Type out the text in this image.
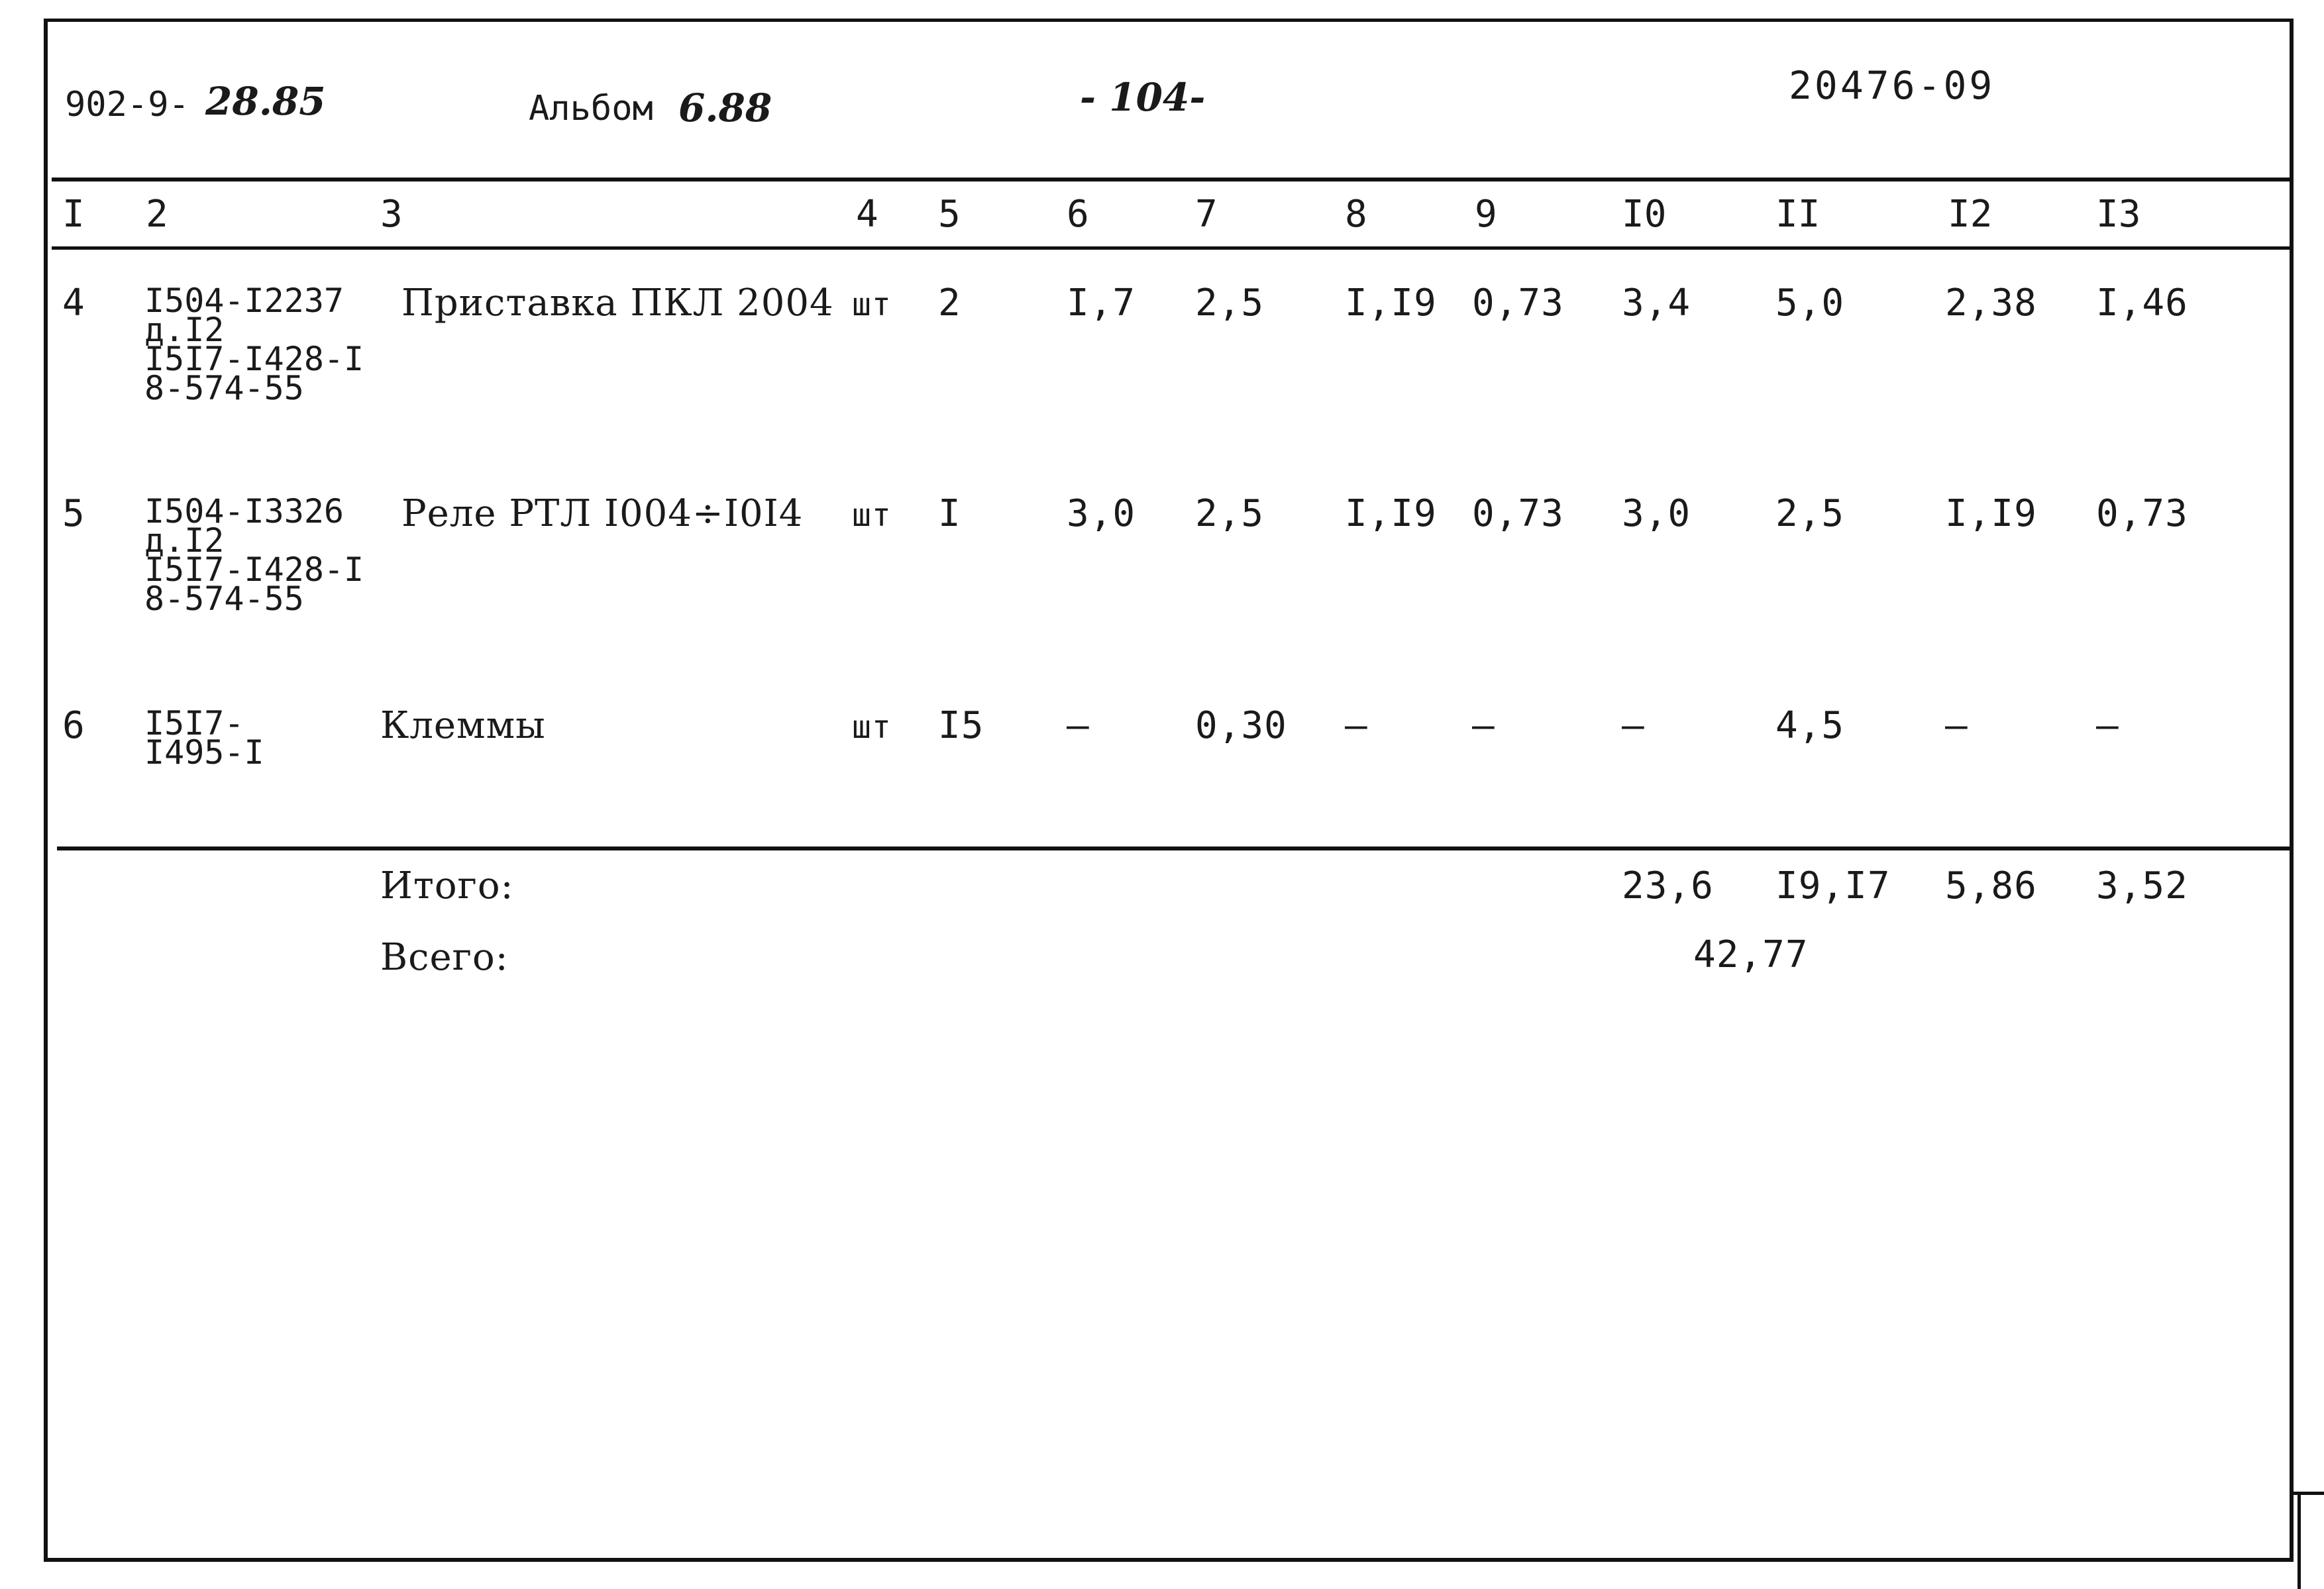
902-9- 28.85	Альбом 6.88	- 104-	20476-09
I 2	3	4 5	6	7	8	9	I0	II	I2	I3
4 I504-I2237
д.I2
I5I7-I428-I
8-574-55
Приставка ПКЛ 2004 шт 2	I,7 2,5 I,I9 0,73 3,4 5,0	2,38 I,46
5 I504-I3326
д.I2
I5I7-I428-I
8-574-55
Реле РТЛ I004÷I0I4 шт I	3,0 2,5 I,I9 0,73 3,0 2,5	I,I9 0,73
6 I5I7-
I495-I
Клеммы	шт I5 –	0,30 –	–	–	4,5	–	–
Итого:	23,6 I9,I7 5,86 3,52
Всего:	42,77
